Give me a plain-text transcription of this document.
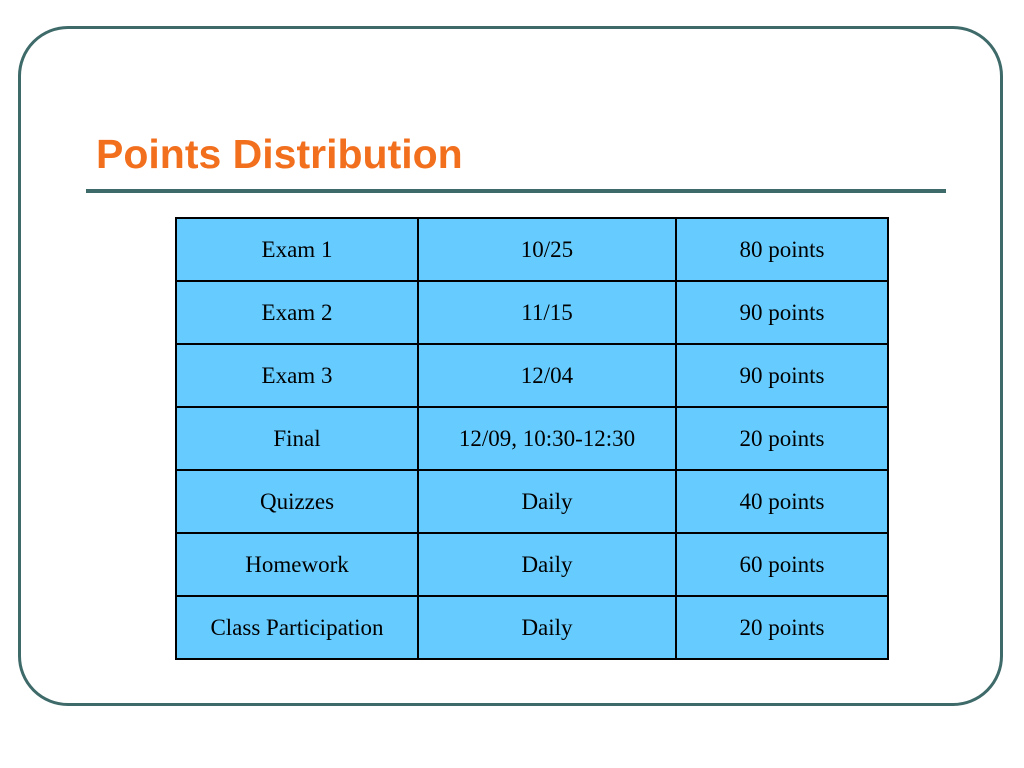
Points Distribution
Exam 1	10/25	80 points
Exam 2	11/15	90 points
Exam 3	12/04	90 points
Final	12/09, 10:30-12:30	20 points
Quizzes	Daily	40 points
Homework	Daily	60 points
Class Participation	Daily	20 points
